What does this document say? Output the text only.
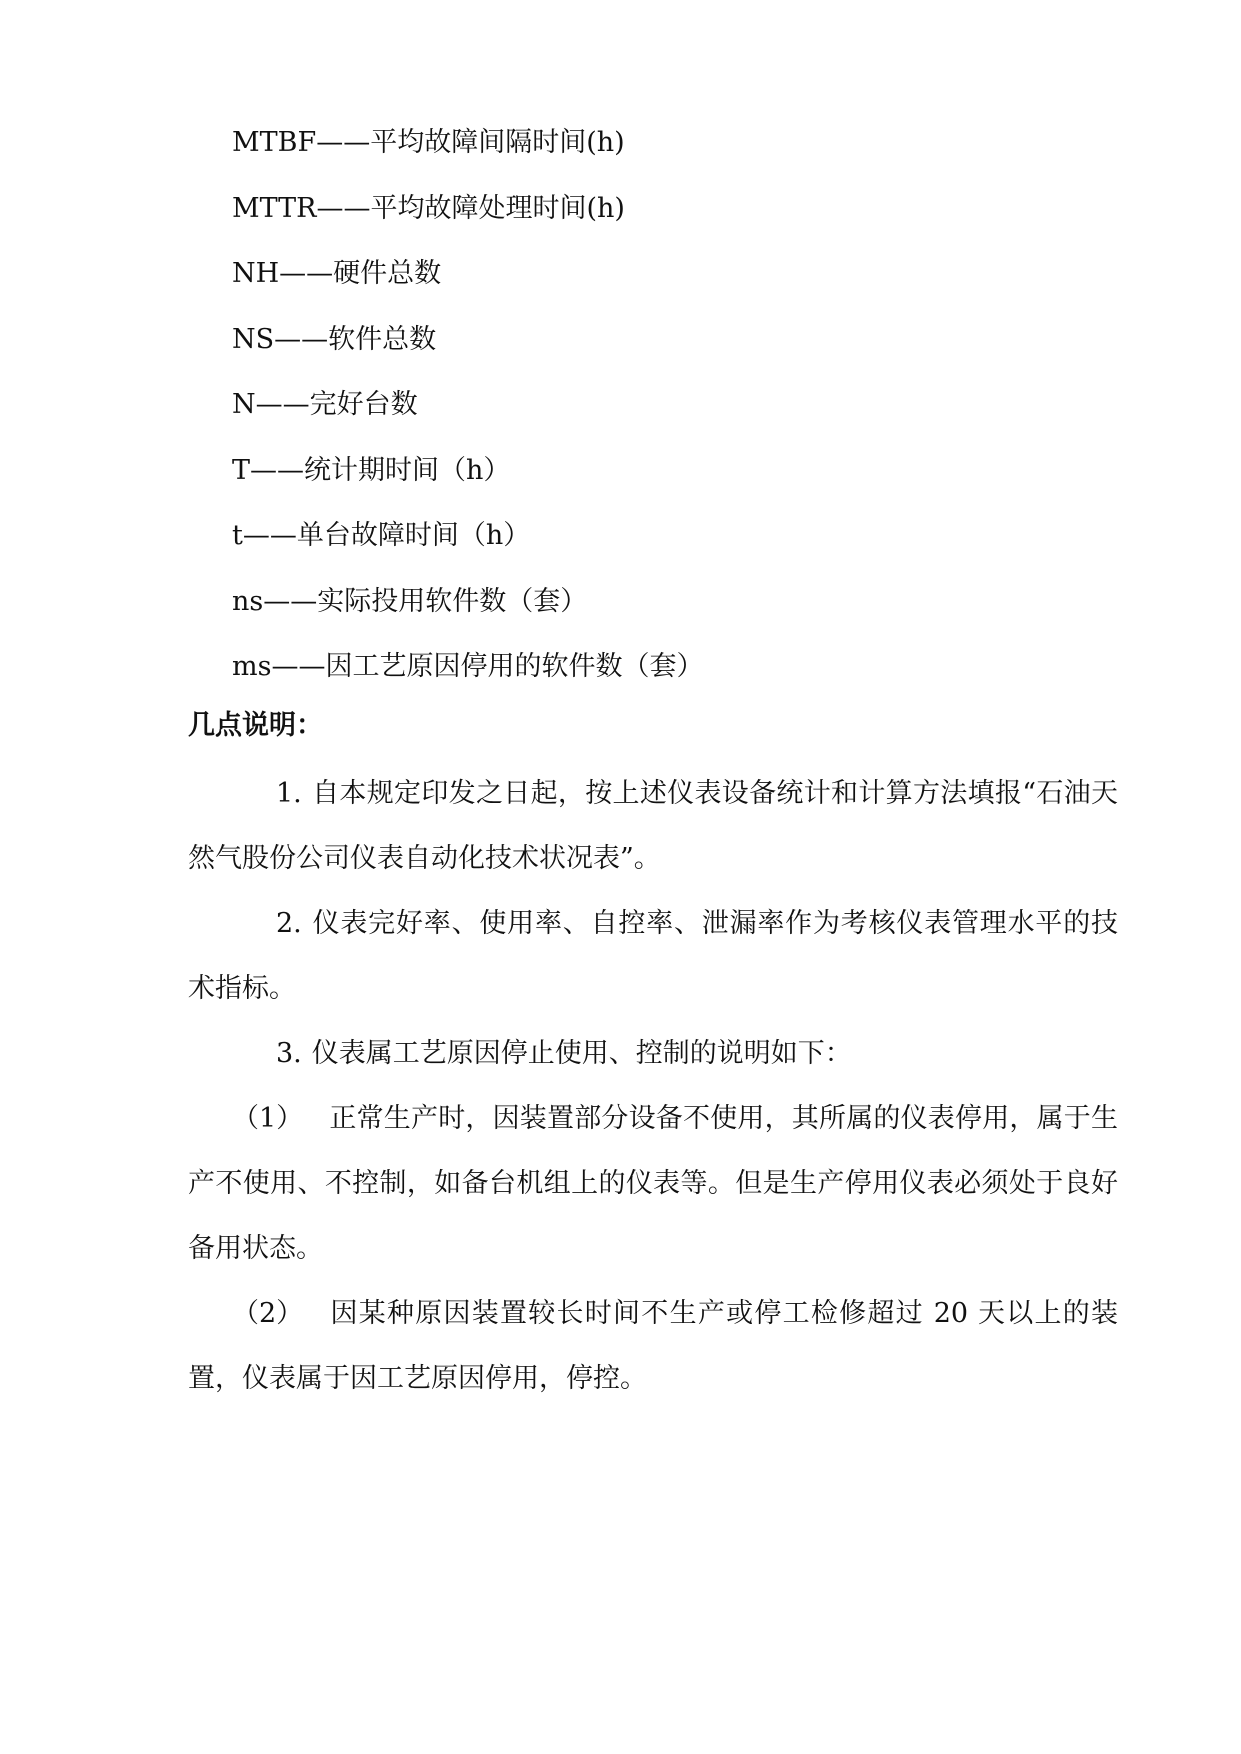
MTBF——平均故障间隔时间(h)
MTTR——平均故障处理时间(h)
NH——硬件总数
NS——软件总数
N——完好台数
T——统计期时间（h）
t——单台故障时间（h）
ns——实际投用软件数（套）
ms——因工艺原因停用的软件数（套）
几点说明：

1. 自本规定印发之日起，按上述仪表设备统计和计算方法填报“石油天然气股份公司仪表自动化技术状况表”。

2. 仪表完好率、使用率、自控率、泄漏率作为考核仪表管理水平的技术指标。

3. 仪表属工艺原因停止使用、控制的说明如下：

（1） 正常生产时，因装置部分设备不使用，其所属的仪表停用，属于生产不使用、不控制，如备台机组上的仪表等。但是生产停用仪表必须处于良好备用状态。

（2） 因某种原因装置较长时间不生产或停工检修超过 20 天以上的装置，仪表属于因工艺原因停用，停控。
